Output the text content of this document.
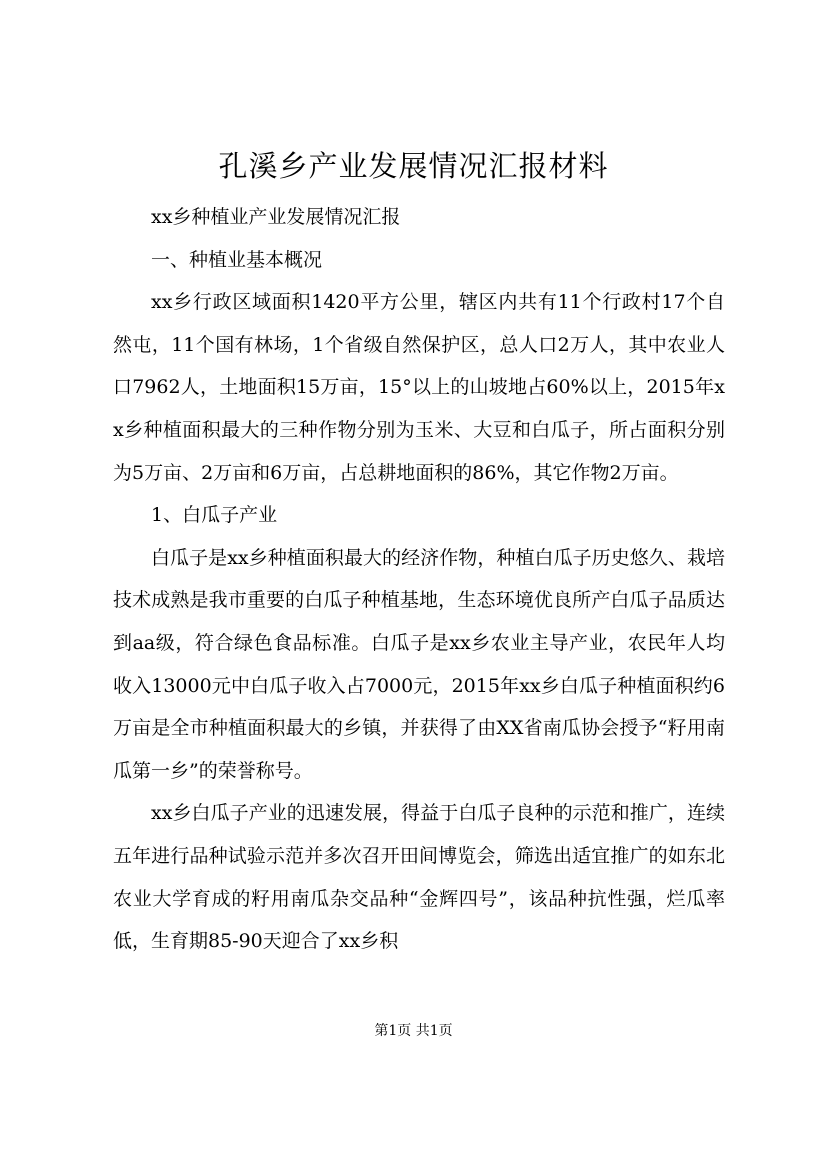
孔溪乡产业发展情况汇报材料

xx乡种植业产业发展情况汇报

一、种植业基本概况

xx乡行政区域面积1420平方公里，辖区内共有11个行政村17个自然屯，11个国有林场，1个省级自然保护区，总人口2万人，其中农业人口7962人，土地面积15万亩，15°以上的山坡地占60%以上，2015年xx乡种植面积最大的三种作物分别为玉米、大豆和白瓜子，所占面积分别为5万亩、2万亩和6万亩，占总耕地面积的86%，其它作物2万亩。

1、白瓜子产业

白瓜子是xx乡种植面积最大的经济作物，种植白瓜子历史悠久、栽培技术成熟是我市重要的白瓜子种植基地，生态环境优良所产白瓜子品质达到aa级，符合绿色食品标准。白瓜子是xx乡农业主导产业，农民年人均收入13000元中白瓜子收入占7000元，2015年xx乡白瓜子种植面积约6万亩是全市种植面积最大的乡镇，并获得了由XX省南瓜协会授予“籽用南瓜第一乡”的荣誉称号。

xx乡白瓜子产业的迅速发展，得益于白瓜子良种的示范和推广，连续五年进行品种试验示范并多次召开田间博览会，筛选出适宜推广的如东北农业大学育成的籽用南瓜杂交品种“金辉四号”，该品种抗性强，烂瓜率低，生育期85-90天迎合了xx乡积

第1页 共1页
